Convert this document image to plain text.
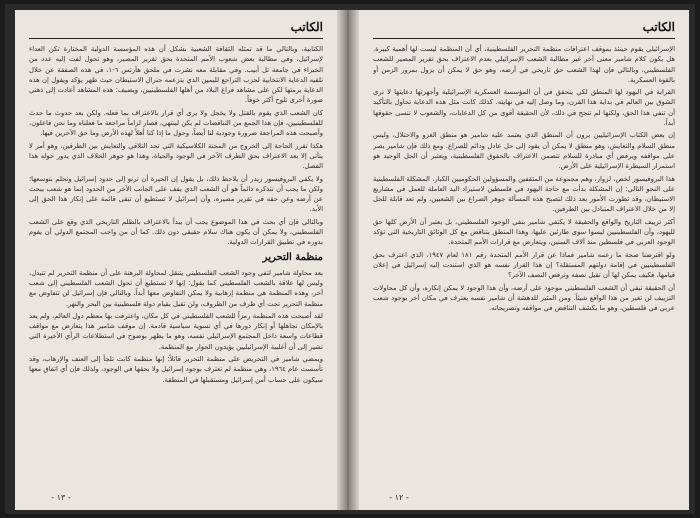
الكاتب

الكتابية، وبالتالي ما قد تمثله الثقافة الشعبية بشكل أن هذه المؤسسة الدولية المختارة تكن العداء لإسرائيل، وفي مطالبة بعض شعوب الأمم المتحدة بحق تقرير المصير، وهو تحول لفت إليه عدد من الخبراء في جامعة تل أبيب. وفي مقابلة معه نشرت في ملحق هآرتس ٦-١، في هذه الصفقة عن خلال تلقيه الدعاية الانتخابية لحزب التراجع لليمين الذي يتزعمه جنرال الاستيطان حيث ظهر يؤكد ويقول إن هذه الدعاية برمتها لكن على مشاهد فراغ البلاد من أهلها الفلسطينيين، ويضيف: هذه المشاهد أعادت إلى ذهني صورة أخرى تلوح أكثر خوفاً.

كان الشعب الذي يقوم بالقتل ولا يخجل ولا يرى أي قرار بالاعتراف بما فعله. ولكن بعد حدوث ما حدث للفلسطينيين، فإن هذا الجمع من التناقضات لم يكن لينتهي، فصار لزاماً مراجعة ما فعلناه وما نحن فاعلون، وأصبحت هذه المراجعة ضرورة وجودية لنا أيضاً، وحول ما إذا كنا أهلاً لهذه الأرض وما حق الآخرين فيها.

هكذا تقرر الحاجة إلى الخروج من المحنة الكلاسيكية التي تحد التلاقي والتعايش بين الطرفين، وهو أمر لا يتأتى إلا بعد الاعتراف بحق الطرف الآخر في الوجود والحياة، وهذا هو جوهر الخلاف الذي يدور حوله هذا الفصل.

ولا يكفي البروفيسور زيدر أن يلاحظ ذلك، بل يقول إن الحيرة أن ترنو إلى حدود إسرائيل وتحلم بتوسعها؛ ولكن ما يجب أن نتذكره دائماً هو أن الشعب الذي يقف على الجانب الآخر من الحدود إنما هو شعب يبحث عن أرضه وعن حقه في تقرير مصيره، وأن إسرائيل لا تستطيع أن تبقى قائمة على إنكار هذا الحق إلى الأبد.

وبالتالي فإن أي بحث في هذا الموضوع يجب أن يبدأ بالاعتراف بالظلم التاريخي الذي وقع على الشعب الفلسطيني، ولا يمكن أن يكون هناك سلام حقيقي دون ذلك. كما أن من واجب المجتمع الدولي أن يقوم بدوره في تطبيق القرارات الدولية.

منظمة التحرير

بعد محاولة شامير لتفي وجود الشعب الفلسطيني يتنقل لمحاولة البرهنة على أن منظمة التحرير لم تتبدل، وليس لها علاقة بالشعب الفلسطيني كما يقول: إنها لا تستطيع أن تحول الشعب الفلسطيني إلى شعب آخر، وهذه المنظمة هي منظمة إرهابية ولا يمكن التفاوض معها أبداً. وبالتالي فإن إسرائيل لن تتفاوض مع منظمة التحرير تحت أي ظرف من الظروف، ولن تقبل بقيام دولة فلسطينية بين البحر والنهر.

لقد أصبحت هذه المنظمة رمزاً للشعب الفلسطيني في كل مكان، واعترفت بها معظم دول العالم، ولم يعد بالإمكان تجاهلها أو إنكار دورها في أي تسوية سياسية قادمة. إن موقف شامير هذا يتعارض مع مواقف قطاعات واسعة داخل المجتمع الإسرائيلي نفسه، وهو ما يظهر بوضوح في استطلاعات الرأي الأخيرة التي تشير إلى أن أغلبية الإسرائيليين يؤيدون الحوار مع المنظمة.

ويمضي شامير في التحريض على منظمة التحرير قائلاً: إنها منظمة كانت تلجأ إلى العنف والإرهاب، وقد تأسست عام ١٩٦٤، وهي منظمة لم تعترف بوجود إسرائيل ولا بحقها في الوجود، ولذلك فإن أي اتفاق معها سيكون على حساب أمن إسرائيل ومستقبلها في المنطقة.

- ١٣ -
الكاتب

الإسرائيلي يقوم حينئذ بموقف اعترافات منظمة التحرير الفلسطينية، أي أن المنظمة ليست لها أهمية كبيرة. هل يكون كلام شامير معنى آخر غير مطالبة الشعب الإسرائيلي بعدم الاعتراف بحق تقرير المصير للشعب الفلسطيني، وبالتالي فإن لهذا الشعب حق تاريخي في أرضه، وهو حق لا يمكن أن يزول بمرور الزمن أو بالقوة العسكرية.

القرابة في اليهود لها المنطق لكي يتحقق في أن المؤسسة العسكرية الإسرائيلية وأجهزتها دعايتها لا ترى الشوق بين العالم في بداية هذا القرن، وما وصل إليه في نهايته. كذلك كانت مثل هذه الدعاية تحاول بالتأكيد أن تنفي هذا الحق، ولكنها لم تنجح في ذلك، لأن الحقيقة أقوى من كل الدعايات، والشعوب لا تنسى حقوقها أبداً.

إن بعض الكتاب الإسرائيليين يرون أن المنطق الذي يعتمد عليه شامير هو منطق الغزو والاحتلال، وليس منطق السلام والتعايش، وهو منطق لا يمكن أن يقود إلى حل عادل ودائم للصراع. ومع ذلك فإن شامير يصر على مواقفه ويرفض أي مبادرة للسلام تتضمن الاعتراف بالحقوق الفلسطينية، ويعتبر أن الحل الوحيد هو استمرار السيطرة الإسرائيلية على الأرض.

هذا البروفيسور لخص، لزوار، وهم مجموعة من المثقفين والمسؤولين الحكوميين الكبار، المشكلة الفلسطينية على النحو التالي: إن المشكلة بدأت مع حاجة اليهود في فلسطين لاستيراد اليد العاملة للعمل في مشاريع الاستيطان، وقد تطورت الأمور بعد ذلك لتصبح هذه المسألة جوهر الصراع بين الشعبين، ولم تعد قابلة للحل إلا من خلال الاعتراف المتبادل بين الطرفين.

أكثر تزييف التاريخ والواقع والحقيقة لا يكتفي شامير بنفي الوجود الفلسطيني، بل يعتبر أن الأرض كلها حق لليهود، وأن الفلسطينيين ليسوا سوى طارئين عليها، وهذا المنطق يتناقض مع كل الوثائق التاريخية التي تؤكد الوجود العربي في فلسطين منذ آلاف السنين، ويتعارض مع قرارات الأمم المتحدة.

ولو اقترضنا صحة ما زعمه شامير فماذا عن قرار الأمم المتحدة رقم ١٨١ لعام ١٩٤٧، الذي اعترف بحق الفلسطينيين في إقامة دولتهم المستقلة؟ إن هذا القرار نفسه هو الذي استندت إليه إسرائيل في إعلان قيامها، فكيف يمكن لها أن تقبل نصفه وترفض النصف الآخر؟

أن الحقيقة تبقى أن الشعب الفلسطيني موجود على أرضه، وأن هذا الوجود لا يمكن إنكاره، وأن كل محاولات التزييف لن تغير من هذا الواقع شيئاً. ومن المثير للدهشة أن شامير نفسه يعترف في مكان آخر بوجود شعب عربي في فلسطين، وهو ما يكشف التناقض في مواقفه وتصريحاته.

- ١٢ -
